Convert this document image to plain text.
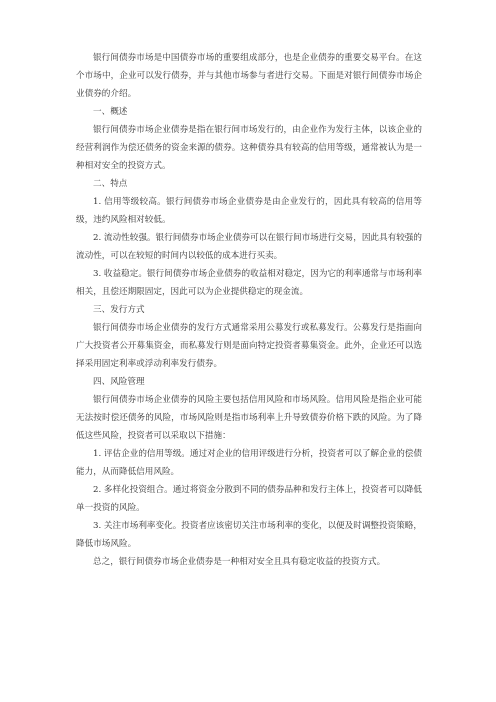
银行间债券市场是中国债券市场的重要组成部分，也是企业债券的重要交易平台。在这个市场中，企业可以发行债券，并与其他市场参与者进行交易。下面是对银行间债券市场企业债券的介绍。

一、概述

银行间债券市场企业债券是指在银行间市场发行的，由企业作为发行主体，以该企业的经营利润作为偿还债务的资金来源的债券。这种债券具有较高的信用等级，通常被认为是一种相对安全的投资方式。

二、特点

1. 信用等级较高。银行间债券市场企业债券是由企业发行的，因此具有较高的信用等级，违约风险相对较低。

2. 流动性较强。银行间债券市场企业债券可以在银行间市场进行交易，因此具有较强的流动性，可以在较短的时间内以较低的成本进行买卖。

3. 收益稳定。银行间债券市场企业债券的收益相对稳定，因为它的利率通常与市场利率相关，且偿还期限固定，因此可以为企业提供稳定的现金流。

三、发行方式

银行间债券市场企业债券的发行方式通常采用公募发行或私募发行。公募发行是指面向广大投资者公开募集资金，而私募发行则是面向特定投资者募集资金。此外，企业还可以选择采用固定利率或浮动利率发行债券。

四、风险管理

银行间债券市场企业债券的风险主要包括信用风险和市场风险。信用风险是指企业可能无法按时偿还债务的风险，市场风险则是指市场利率上升导致债券价格下跌的风险。为了降低这些风险，投资者可以采取以下措施：

1. 评估企业的信用等级。通过对企业的信用评级进行分析，投资者可以了解企业的偿债能力，从而降低信用风险。

2. 多样化投资组合。通过将资金分散到不同的债券品种和发行主体上，投资者可以降低单一投资的风险。

3. 关注市场利率变化。投资者应该密切关注市场利率的变化，以便及时调整投资策略，降低市场风险。

总之，银行间债券市场企业债券是一种相对安全且具有稳定收益的投资方式。
